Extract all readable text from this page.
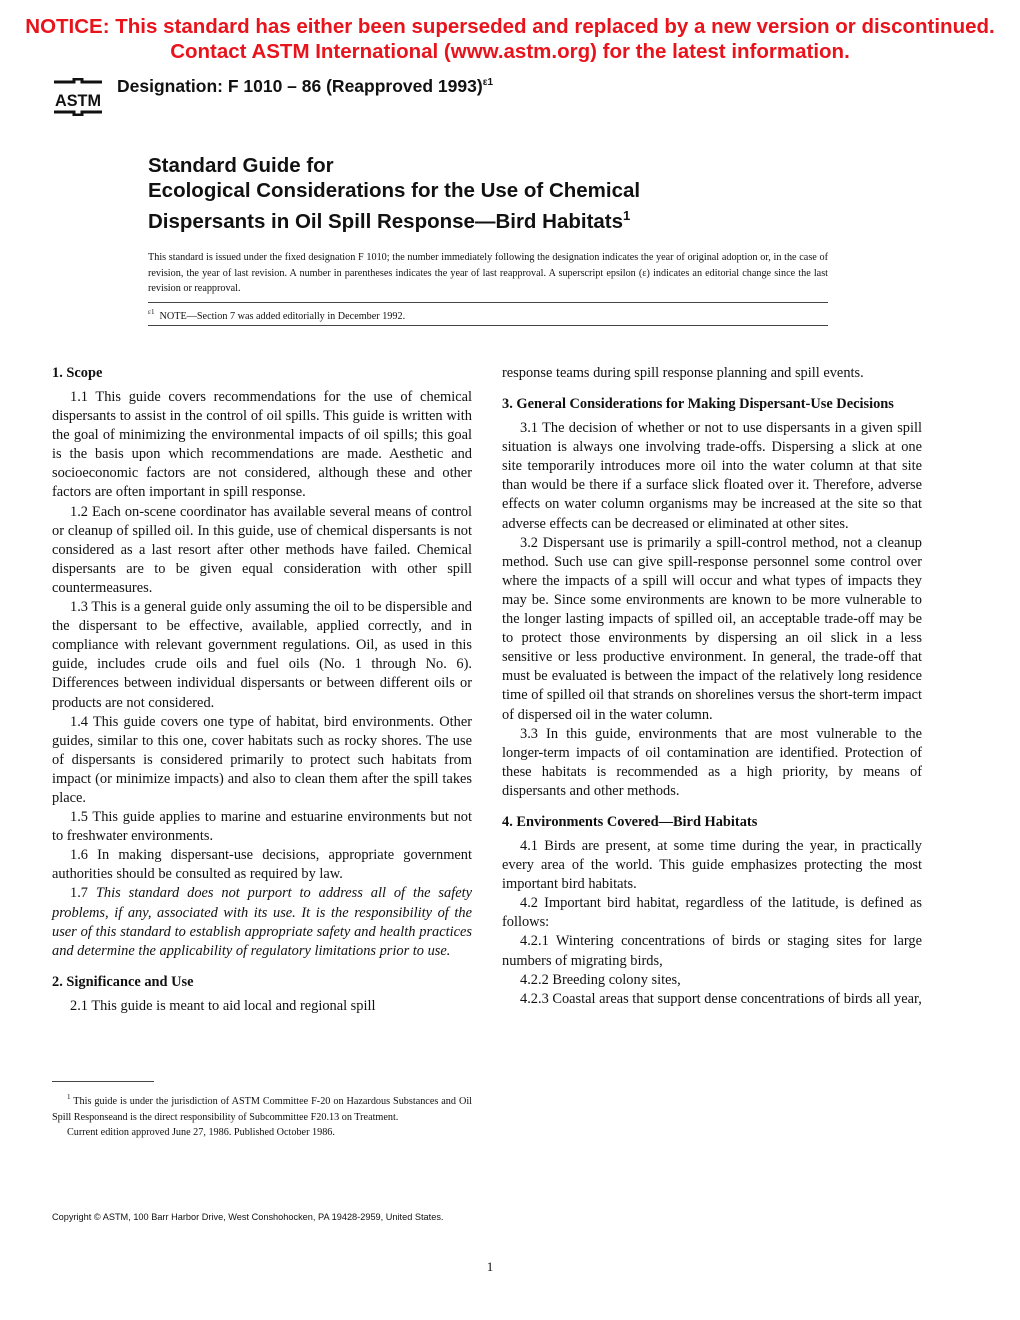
NOTICE: This standard has either been superseded and replaced by a new version or discontinued.
Contact ASTM International (www.astm.org) for the latest information.
ASTM
Designation: F 1010 – 86 (Reapproved 1993)$^{\varepsilon 1}$
Standard Guide for
Ecological Considerations for the Use of Chemical
Dispersants in Oil Spill Response—Bird Habitats$^1$
This standard is issued under the fixed designation F 1010; the number immediately following the designation indicates the year of original adoption or, in the case of revision, the year of last revision. A number in parentheses indicates the year of last reapproval. A superscript epsilon (ε) indicates an editorial change since the last revision or reapproval.
$^{\varepsilon 1}$ NOTE—Section 7 was added editorially in December 1992.
1. Scope

1.1 This guide covers recommendations for the use of chemical dispersants to assist in the control of oil spills. This guide is written with the goal of minimizing the environmental impacts of oil spills; this goal is the basis upon which recommendations are made. Aesthetic and socioeconomic factors are not considered, although these and other factors are often important in spill response.

1.2 Each on-scene coordinator has available several means of control or cleanup of spilled oil. In this guide, use of chemical dispersants is not considered as a last resort after other methods have failed. Chemical dispersants are to be given equal consideration with other spill countermeasures.

1.3 This is a general guide only assuming the oil to be dispersible and the dispersant to be effective, available, applied correctly, and in compliance with relevant government regulations. Oil, as used in this guide, includes crude oils and fuel oils (No. 1 through No. 6). Differences between individual dispersants or between different oils or products are not considered.

1.4 This guide covers one type of habitat, bird environments. Other guides, similar to this one, cover habitats such as rocky shores. The use of dispersants is considered primarily to protect such habitats from impact (or minimize impacts) and also to clean them after the spill takes place.

1.5 This guide applies to marine and estuarine environments but not to freshwater environments.

1.6 In making dispersant-use decisions, appropriate government authorities should be consulted as required by law.

1.7 This standard does not purport to address all of the safety problems, if any, associated with its use. It is the responsibility of the user of this standard to establish appropriate safety and health practices and determine the applicability of regulatory limitations prior to use.

2. Significance and Use

2.1 This guide is meant to aid local and regional spill

response teams during spill response planning and spill events.

3. General Considerations for Making Dispersant-Use Decisions

3.1 The decision of whether or not to use dispersants in a given spill situation is always one involving trade-offs. Dispersing a slick at one site temporarily introduces more oil into the water column at that site than would be there if a surface slick floated over it. Therefore, adverse effects on water column organisms may be increased at the site so that adverse effects can be decreased or eliminated at other sites.

3.2 Dispersant use is primarily a spill-control method, not a cleanup method. Such use can give spill-response personnel some control over where the impacts of a spill will occur and what types of impacts they may be. Since some environments are known to be more vulnerable to the longer lasting impacts of spilled oil, an acceptable trade-off may be to protect those environments by dispersing an oil slick in a less sensitive or less productive environment. In general, the trade-off that must be evaluated is between the impact of the relatively long residence time of spilled oil that strands on shorelines versus the short-term impact of dispersed oil in the water column.

3.3 In this guide, environments that are most vulnerable to the longer-term impacts of oil contamination are identified. Protection of these habitats is recommended as a high priority, by means of dispersants and other methods.

4. Environments Covered—Bird Habitats

4.1 Birds are present, at some time during the year, in practically every area of the world. This guide emphasizes protecting the most important bird habitats.

4.2 Important bird habitat, regardless of the latitude, is defined as follows:

4.2.1 Wintering concentrations of birds or staging sites for large numbers of migrating birds,

4.2.2 Breeding colony sites,

4.2.3 Coastal areas that support dense concentrations of birds all year,

$^1$ This guide is under the jurisdiction of ASTM Committee F-20 on Hazardous Substances and Oil Spill Responseand is the direct responsibility of Subcommittee F20.13 on Treatment.

Current edition approved June 27, 1986. Published October 1986.

Copyright © ASTM, 100 Barr Harbor Drive, West Conshohocken, PA 19428-2959, United States.
1
